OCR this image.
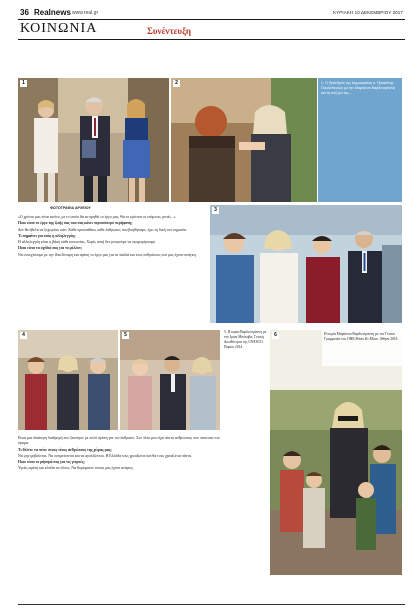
36 Realnews www.real.gr	ΚΥΡΙΑΚΗ 10 ΔΕΚΕΜΒΡΙΟΥ 2017
ΚΟΙΝΩΝΙΑ	Συνέντευξη
1
ΦΩΤΟΓΡΑΦΙΑ ΑΡΧΕΙΟΥ
2	1. Ο Πρόεδρος της Δημοκρατίας κ. Προκόπης Παυλόπουλος με την Μαριάννα Βαρδινογιάννη και τη σύζυγό της...

«Ο χρόνος μας είναι εκείνο, με το οποίο θα εκτιμηθεί το έργο μας. Θα το κρίνουν οι επόμενες γενιές...»

Ποιο είναι το έργο της ζωής σας που σας κάνει περισσότερο περήφανη;

Δεν θα ήθελα να ξεχωρίσω κάτι. Κάθε προσπάθεια, κάθε άνθρωπος που βοηθήσαμε, έχει τη δική του σημασία.

Τι σημαίνει για εσάς η αλληλεγγύη;

Η αλληλεγγύη είναι η βάση κάθε κοινωνίας. Χωρίς αυτή δεν μπορούμε να προχωρήσουμε.

Ποια είναι τα σχέδιά σας για το μέλλον;

Να συνεχίσουμε με την ίδια δύναμη και αγάπη το έργο μας για τα παιδιά και τους ανθρώπους που μας έχουν ανάγκη.

3
4	5	5. Η κυρία Βαρδινογιάννη με την Ιρίνα Μπόκοβα, Γενική Διευθύντρια της UNESCO. Παρίσι 2014
6	Η κυρία Μαριάννα Βαρδινογιάννη με τον Γενικό Γραμματέα του ΟΗΕ Μπαν Κι-Μουν. Αθήνα 2016

Είναι μια ιδιαίτερη διαδρομή που ξεκίνησε με πολύ αγάπη για τον άνθρωπο. Στο πλάι μου είχα πάντα ανθρώπους που πίστευαν στο όραμα.

Τι θέλετε να πείτε στους νέους ανθρώπους της χώρας μας;

Να μην φοβούνται. Να ονειρεύονται και να αγωνίζονται. Η Ελλάδα τους χρειάζεται και θα τους χρειάζεται πάντα.

Ποιο είναι το μήνυμά σας για τις γιορτές;

Υγεία, αγάπη και ελπίδα σε όλους. Να θυμόμαστε όσους μας έχουν ανάγκη.
